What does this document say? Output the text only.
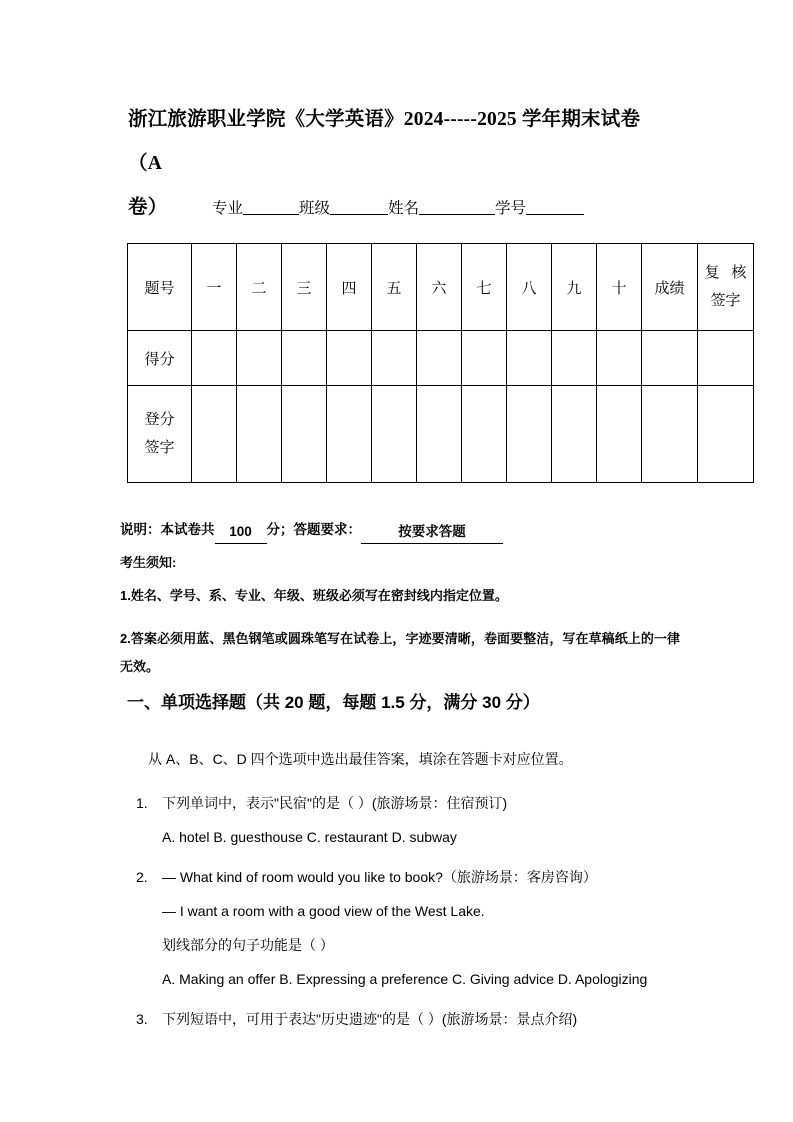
浙江旅游职业学院《大学英语》2024-----2025 学年期末试卷（A
卷）	专业	班级	姓名	学号
题号	一	二	三	四	五	六	七	八	九	十	成绩	复 核
签字

得分												

登分
签字												

说明：本试卷共 100 分；答题要求：	按要求答题
考生须知:
1.姓名、学号、系、专业、年级、班级必须写在密封线内指定位置。
2.答案必须用蓝、黑色钢笔或圆珠笔写在试卷上，字迹要清晰，卷面要整洁，写在草稿纸上的一律无效。
一、单项选择题（共 20 题，每题 1.5 分，满分 30 分）
从 A、B、C、D 四个选项中选出最佳答案，填涂在答题卡对应位置。
1.	下列单词中，表示"民宿"的是（ ）(旅游场景：住宿预订)
A. hotel B. guesthouse C. restaurant D. subway
2.	— What kind of room would you like to book?（旅游场景：客房咨询）
— I want a room with a good view of the West Lake.
划线部分的句子功能是（ ）
A. Making an offer B. Expressing a preference C. Giving advice D. Apologizing
3.	下列短语中，可用于表达"历史遗迹"的是（ ）(旅游场景：景点介绍)
